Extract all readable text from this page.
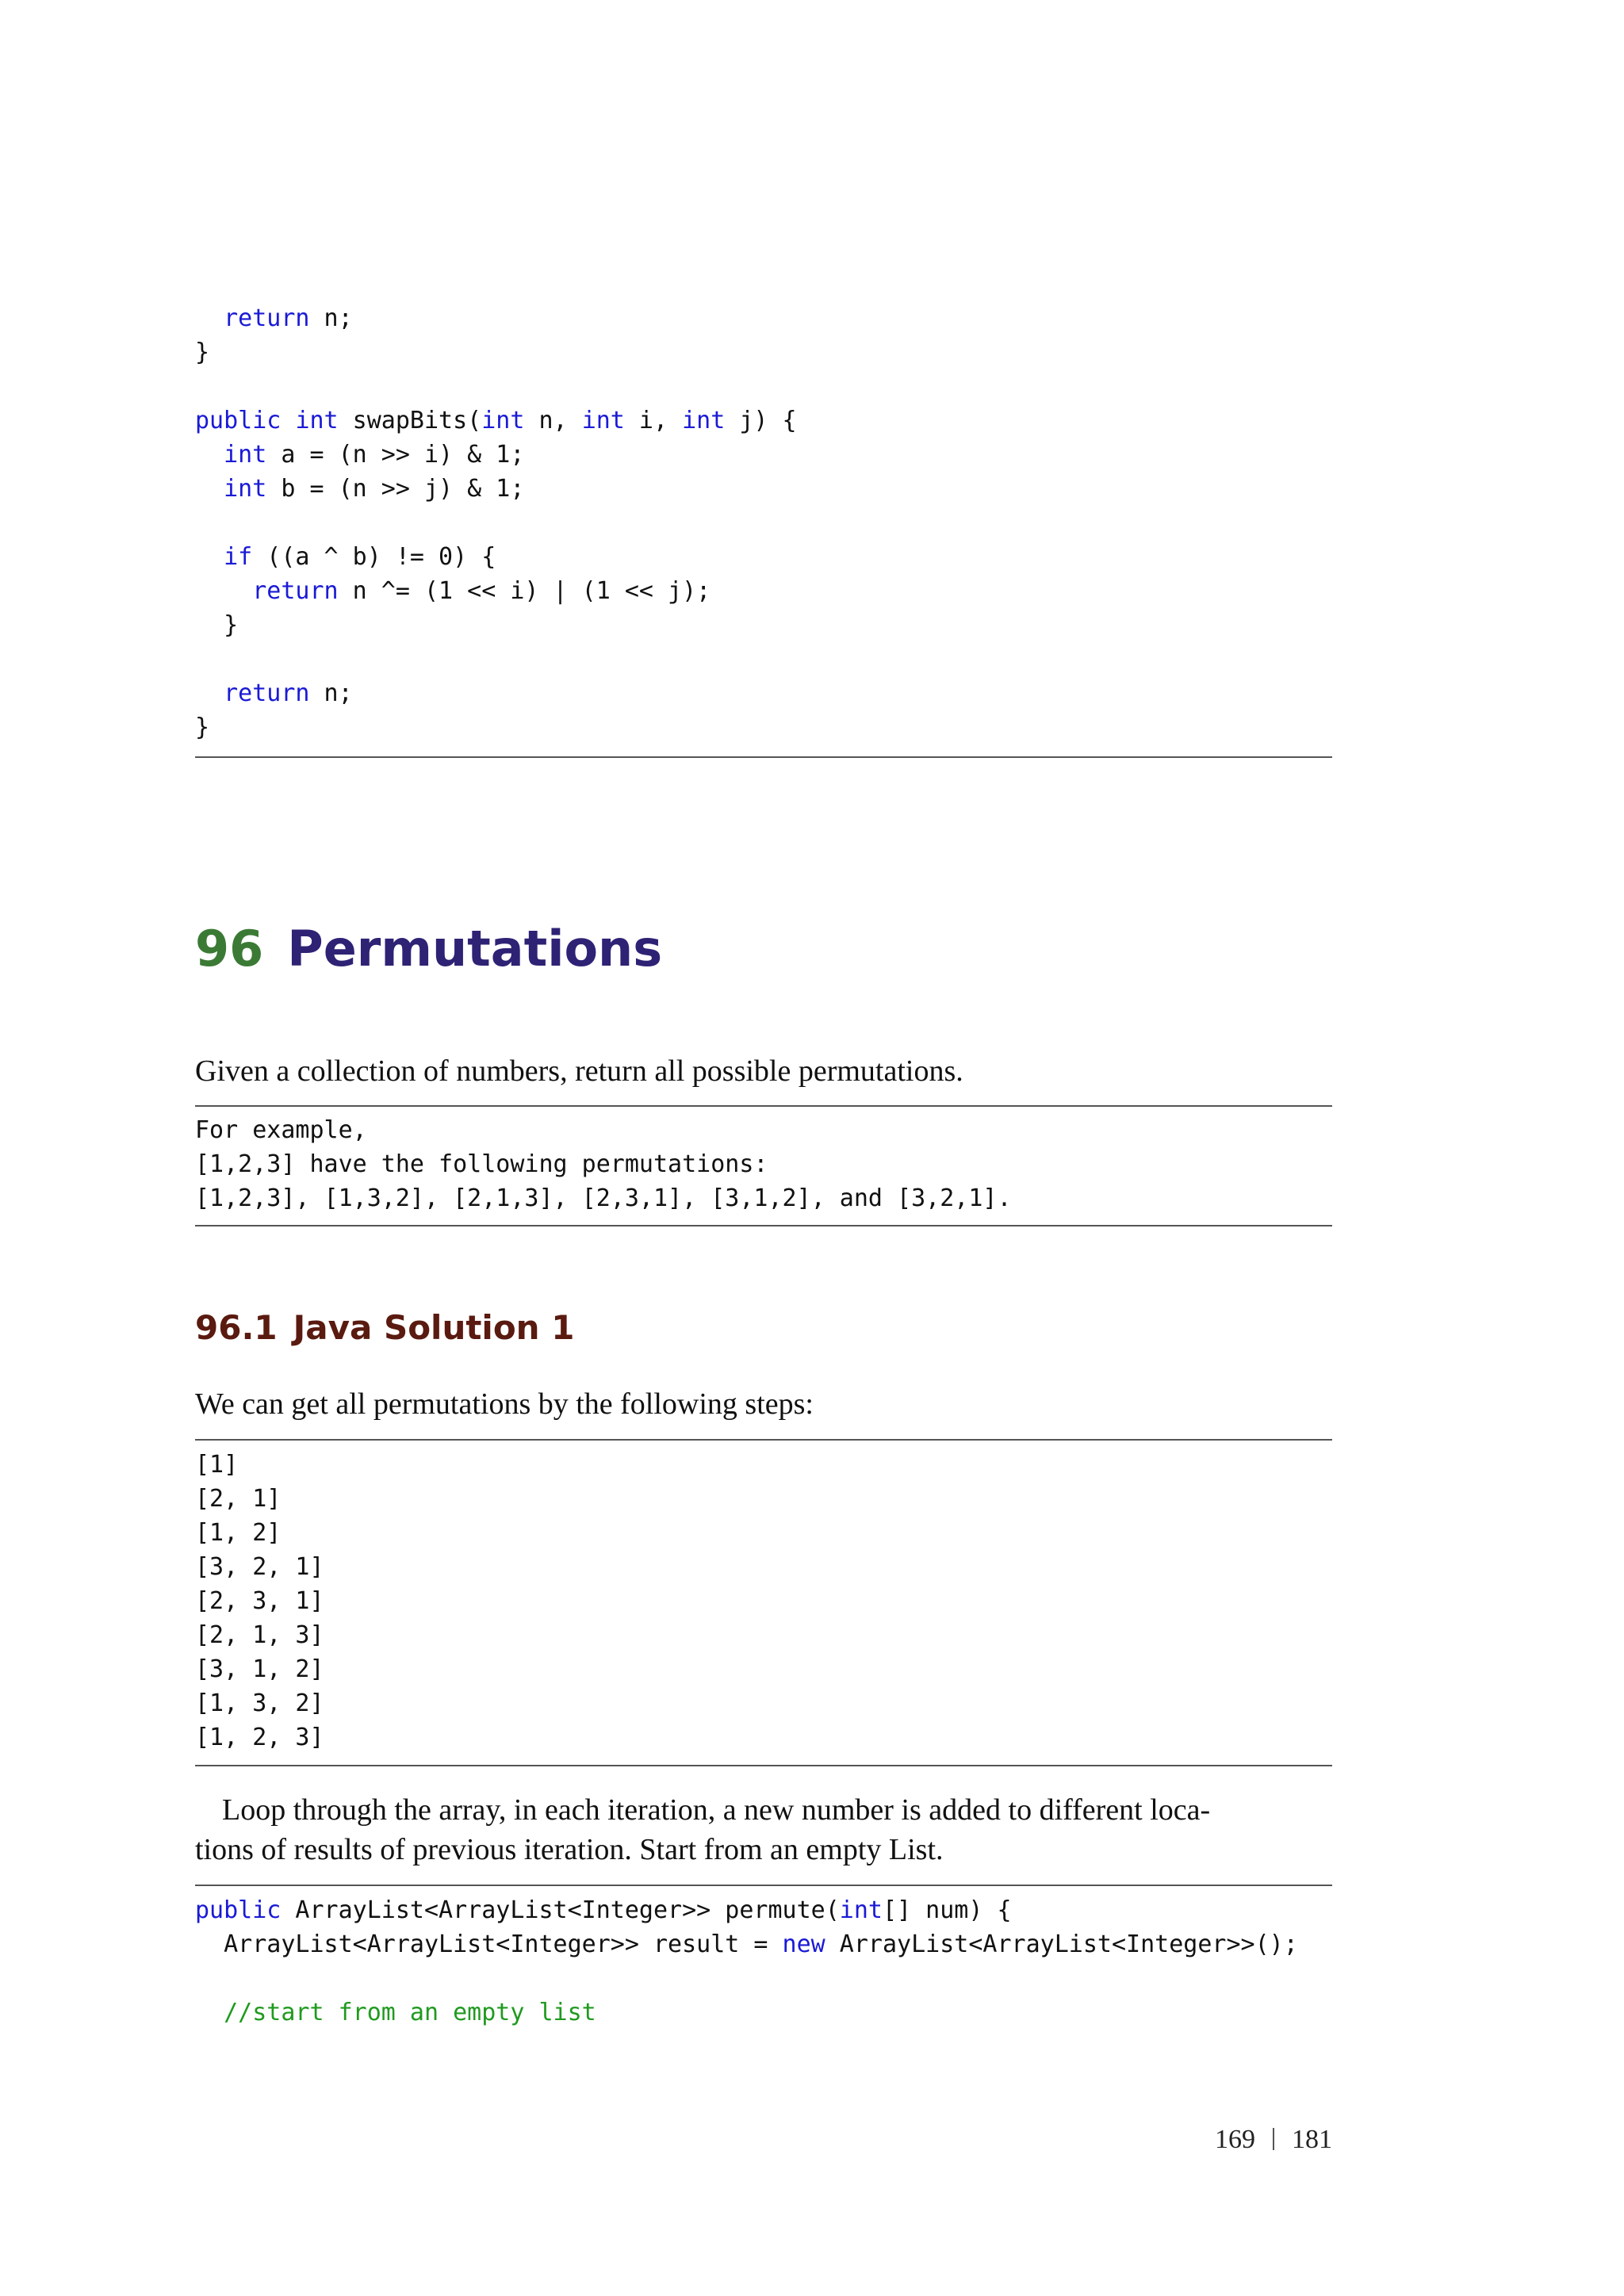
return n;
}
public int swapBits(int n, int i, int j) {
int a = (n >> i) & 1;
int b = (n >> j) & 1;
if ((a ^ b) != 0) {
return n ^= (1 << i) | (1 << j);
}
return n;
}
96 Permutations
Given a collection of numbers, return all possible permutations.
For example,
[1,2,3] have the following permutations:
[1,2,3], [1,3,2], [2,1,3], [2,3,1], [3,1,2], and [3,2,1].
96.1 Java Solution 1
We can get all permutations by the following steps:
[1]
[2, 1]
[1, 2]
[3, 2, 1]
[2, 3, 1]
[2, 1, 3]
[3, 1, 2]
[1, 3, 2]
[1, 2, 3]
Loop through the array, in each iteration, a new number is added to different loca-
tions of results of previous iteration. Start from an empty List.
public ArrayList<ArrayList<Integer>> permute(int[] num) {
ArrayList<ArrayList<Integer>> result = new ArrayList<ArrayList<Integer>>();
//start from an empty list
169 181
